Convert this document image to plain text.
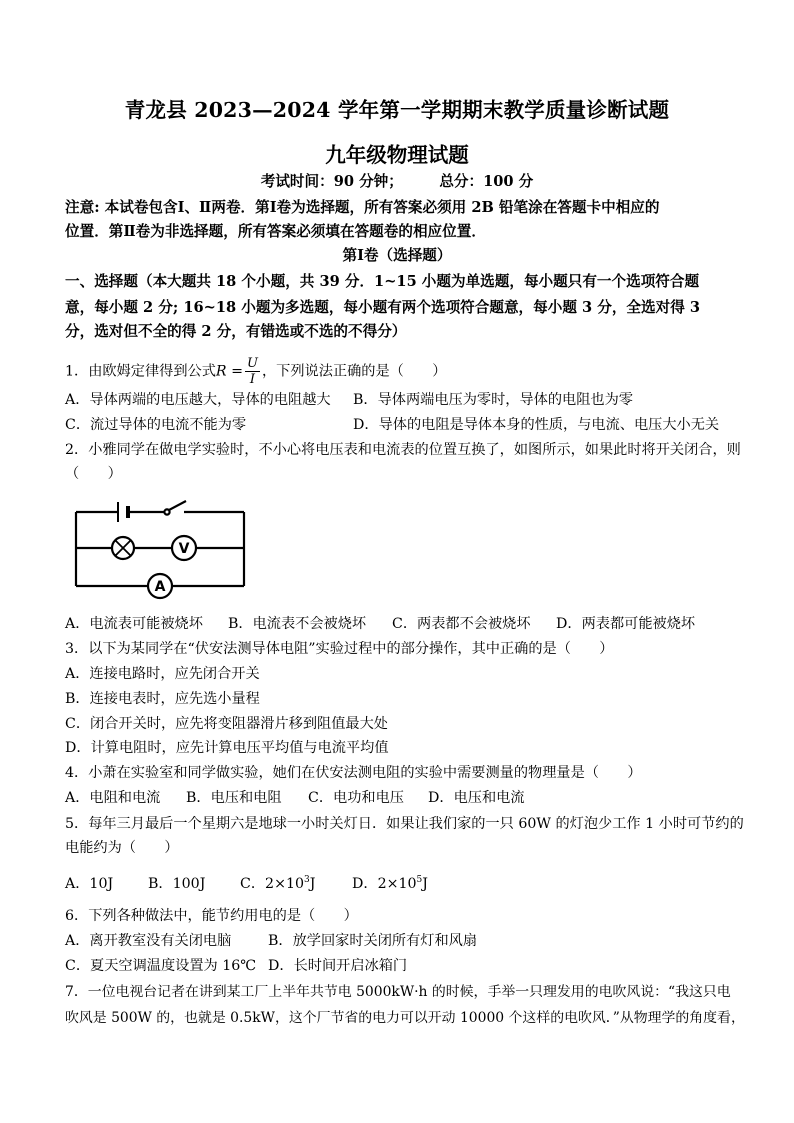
青龙县 2023—2024 学年第一学期期末教学质量诊断试题
九年级物理试题
考试时间：90 分钟；　　　总分：100 分
注意: 本试卷包含Ⅰ、Ⅱ两卷．第Ⅰ卷为选择题，所有答案必须用 2B 铅笔涂在答题卡中相应的
位置．第Ⅱ卷为非选择题，所有答案必须填在答题卷的相应位置．
第Ⅰ卷（选择题）
一、选择题（本大题共 18 个小题，共 39 分．1~15 小题为单选题，每小题只有一个选项符合题
意，每小题 2 分; 16~18 小题为多选题，每小题有两个选项符合题意，每小题 3 分，全选对得 3
分，选对但不全的得 2 分，有错选或不选的不得分）
1．由欧姆定律得到公式$R = \frac{U}{I}$ ，下列说法正确的是（　　）
A．导体两端的电压越大，导体的电阻越大 B．导体两端电压为零时，导体的电阻也为零
C．流过导体的电流不能为零	D．导体的电阻是导体本身的性质，与电流、电压大小无关
2．小雅同学在做电学实验时，不小心将电压表和电流表的位置互换了，如图所示，如果此时将开关闭合，则
（　　）
V
A
A．电流表可能被烧坏 B．电流表不会被烧坏 C．两表都不会被烧坏 D．两表都可能被烧坏
3．以下为某同学在“伏安法测导体电阻”实验过程中的部分操作，其中正确的是（　　）
A．连接电路时，应先闭合开关
B．连接电表时，应先选小量程
C．闭合开关时，应先将变阻器滑片移到阻值最大处
D．计算电阻时，应先计算电压平均值与电流平均值
4．小萧在实验室和同学做实验，她们在伏安法测电阻的实验中需要测量的物理量是（　　）
A．电阻和电流 B．电压和电阻 C．电功和电压 D．电压和电流
5．每年三月最后一个星期六是地球一小时关灯日．如果让我们家的一只 60W 的灯泡少工作 1 小时可节约的
电能约为（　　）
A．10J B．100J C．$2\times 10^3J$	D．$2\times 10^5J$
6．下列各种做法中，能节约用电的是（　　）
A．离开教室没有关闭电脑	B．放学回家时关闭所有灯和风扇
C．夏天空调温度设置为 16℃ D．长时间开启冰箱门
7．一位电视台记者在讲到某工厂上半年共节电 5000kW·h 的时候，手举一只理发用的电吹风说：“我这只电
吹风是 500W 的，也就是 0.5kW，这个厂节省的电力可以开动 10000 个这样的电吹风．”从物理学的角度看，
